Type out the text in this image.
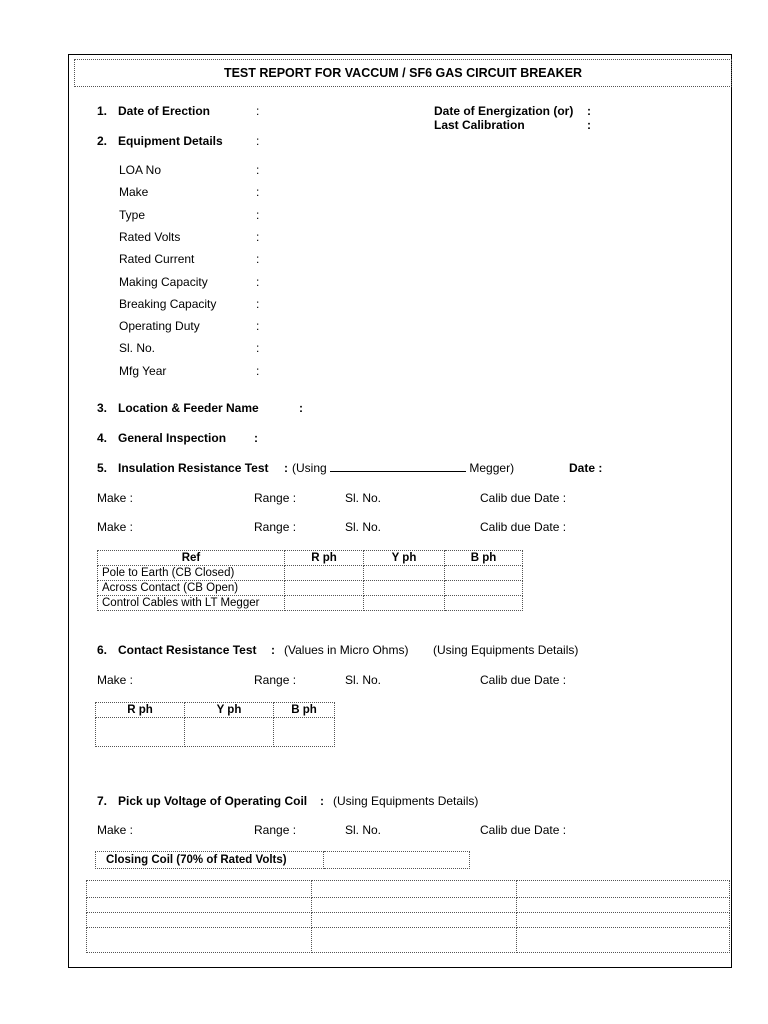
TEST REPORT FOR VACCUM / SF6 GAS CIRCUIT BREAKER
1. Date of Erection	:	Date of Energization (or) :
Last Calibration	:
2. Equipment Details	:
LOA No	:
Make	:
Type	:
Rated Volts	:
Rated Current	:
Making Capacity	:
Breaking Capacity	:
Operating Duty	:
Sl. No.	:
Mfg Year	:
3. Location & Feeder Name	:
4. General Inspection :
5. Insulation Resistance Test : (Using	Megger)	Date :
Make :	Range :	Sl. No.	Calib due Date :
Make :	Range :	Sl. No.	Calib due Date :
Ref	R ph	Y ph	B ph
Pole to Earth (CB Closed)			
Across Contact (CB Open)			
Control Cables with LT Megger			
6. Contact Resistance Test : (Values in Micro Ohms) (Using Equipments Details)
Make :	Range :	Sl. No.	Calib due Date :
R ph	Y ph	B ph

7. Pick up Voltage of Operating Coil : (Using Equipments Details)
Make :	Range :	Sl. No.	Calib due Date :
Closing Coil (70% of Rated Volts)	
